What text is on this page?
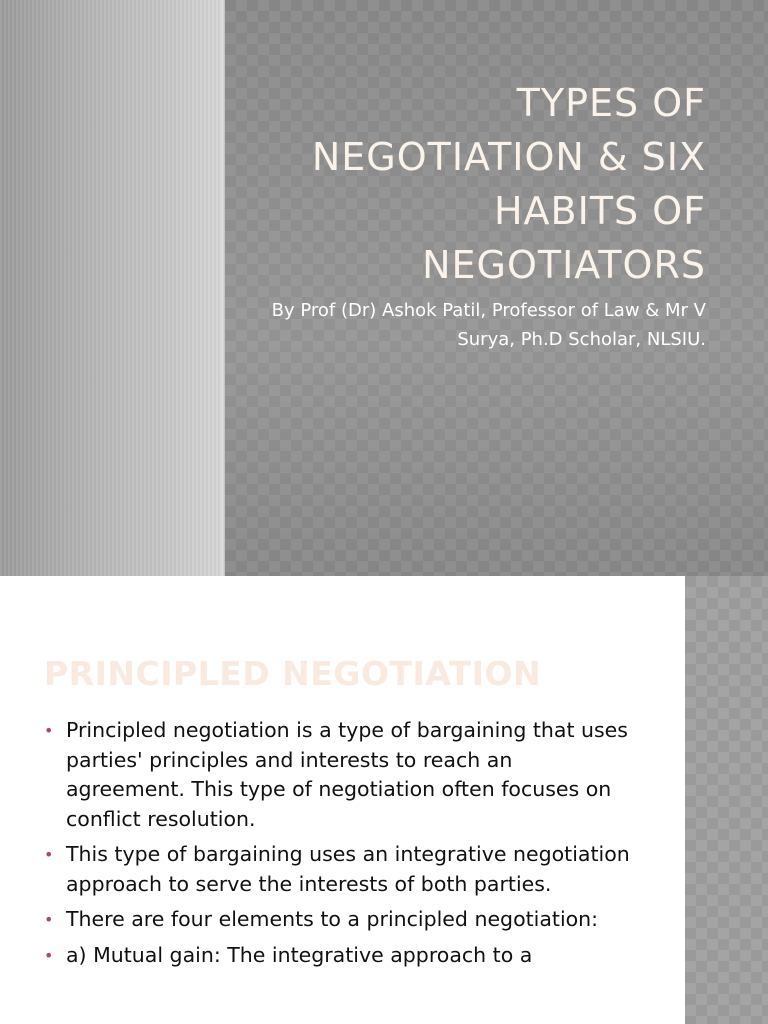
TYPES OF NEGOTIATION & SIX HABITS OF NEGOTIATORS

By Prof (Dr) Ashok Patil, Professor of Law & Mr V Surya, Ph.D Scholar, NLSIU.

PRINCIPLED NEGOTIATION
• Principled negotiation is a type of bargaining that uses parties' principles and interests to reach an agreement. This type of negotiation often focuses on conflict resolution.
• This type of bargaining uses an integrative negotiation approach to serve the interests of both parties.
• There are four elements to a principled negotiation:
• a) Mutual gain: The integrative approach to a
